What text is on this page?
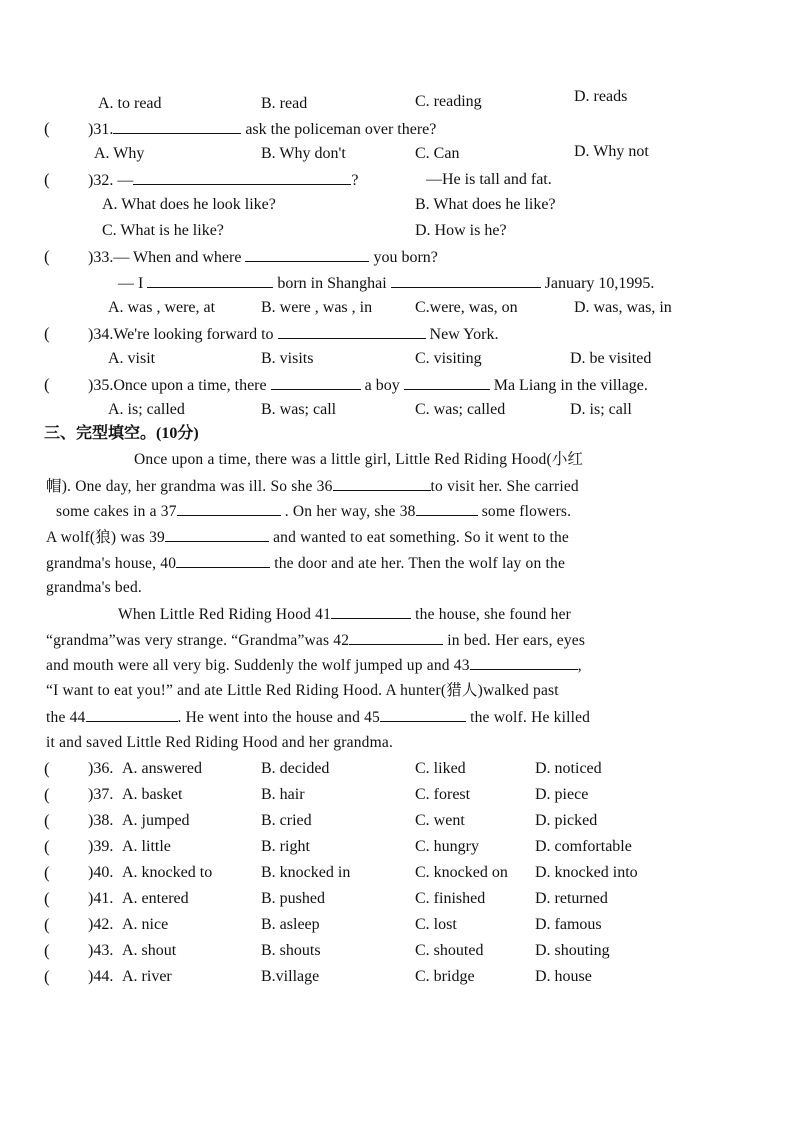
A. to read	B. read	C. reading	D. reads
( )31.	ask the policeman over there?
A. Why	B. Why don't	C. Can	D. Why not
( )32. —	?	—He is tall and fat.
A. What does he look like?	B. What does he like?
C. What is he like?	D. How is he?
( )33.— When and where	you born?
— I	born in Shanghai	January 10,1995.
A. was , were, at	B. were , was , in	C.were, was, on	D. was, was, in
( )34.We're looking forward to	New York.
A. visit	B. visits	C. visiting	D. be visited
( )35.Once upon a time, there	a boy	Ma Liang in the village.
A. is; called	B. was; call	C. was; called	D. is; call
三、完型填空。(10分)
Once upon a time, there was a little girl, Little Red Riding Hood(小红
帽). One day, her grandma was ill. So she 36	to visit her. She carried
some cakes in a 37	. On her way, she 38	some flowers.
A wolf(狼) was 39	and wanted to eat something. So it went to the
grandma's house, 40	the door and ate her. Then the wolf lay on the
grandma's bed.
When Little Red Riding Hood 41	the house, she found her
“grandma”was very strange. “Grandma”was 42	in bed. Her ears, eyes
and mouth were all very big. Suddenly the wolf jumped up and 43	,
“I want to eat you!” and ate Little Red Riding Hood. A hunter(猎人)walked past
the 44	. He went into the house and 45	the wolf. He killed
it and saved Little Red Riding Hood and her grandma.
( )36. A. answered	B. decided	C. liked	D. noticed
( )37. A. basket	B. hair	C. forest	D. piece
( )38. A. jumped	B. cried	C. went	D. picked
( )39. A. little	B. right	C. hungry	D. comfortable
( )40. A. knocked to	B. knocked in	C. knocked on D. knocked into
( )41. A. entered	B. pushed	C. finished	D. returned
( )42. A. nice	B. asleep	C. lost	D. famous
( )43. A. shout	B. shouts	C. shouted	D. shouting
( )44. A. river	B.village	C. bridge	D. house
